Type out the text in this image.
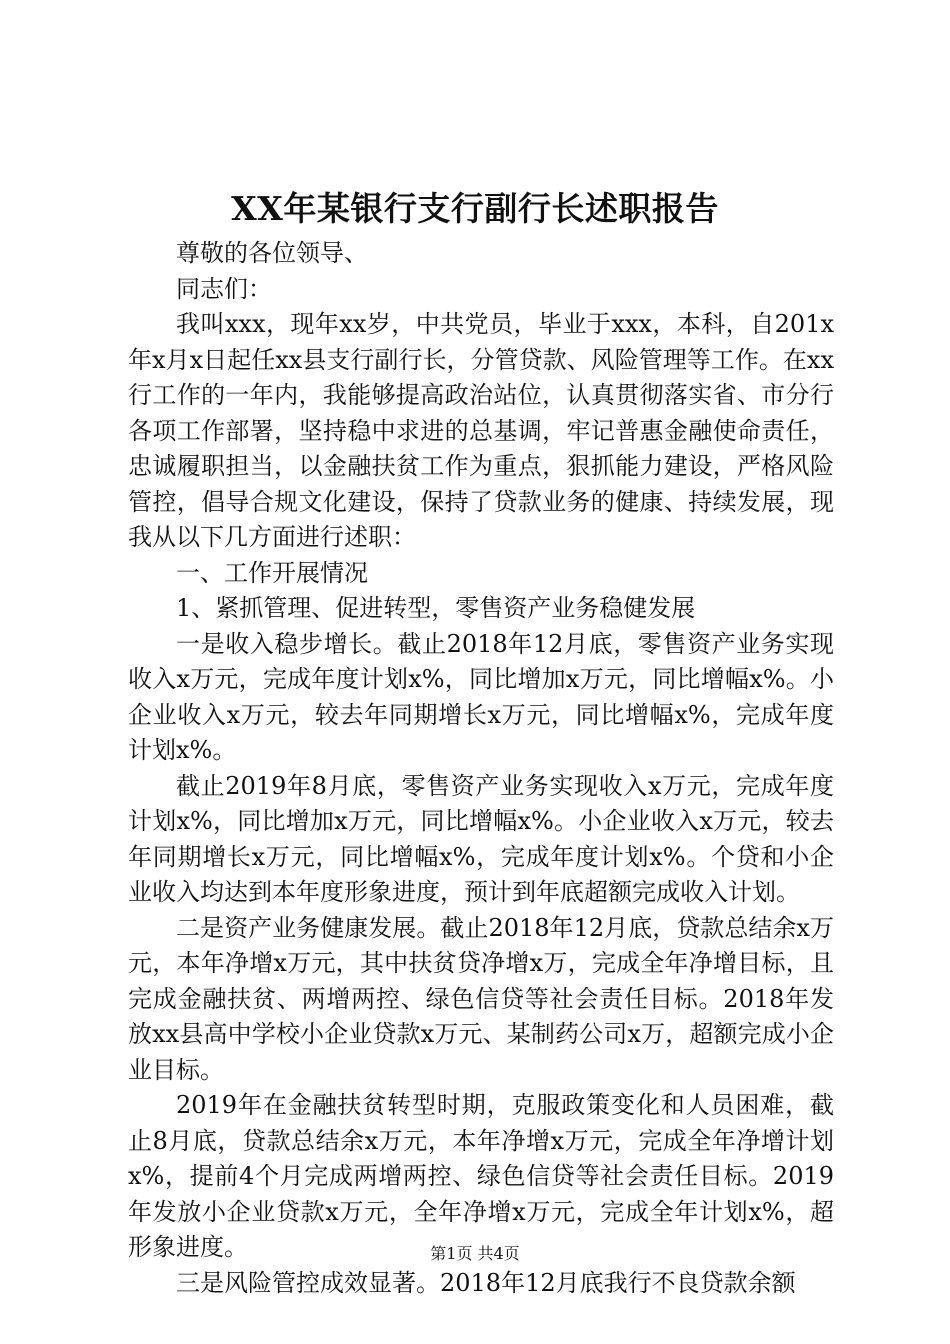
XX年某银行支行副行长述职报告

尊敬的各位领导、

同志们：

我叫xxx，现年xx岁，中共党员，毕业于xxx，本科，自201x年x月x日起任xx县支行副行长，分管贷款、风险管理等工作。在xx行工作的一年内，我能够提高政治站位，认真贯彻落实省、市分行各项工作部署，坚持稳中求进的总基调，牢记普惠金融使命责任，忠诚履职担当，以金融扶贫工作为重点，狠抓能力建设，严格风险管控，倡导合规文化建设，保持了贷款业务的健康、持续发展，现我从以下几方面进行述职：

一、工作开展情况

1、紧抓管理、促进转型，零售资产业务稳健发展

一是收入稳步增长。截止2018年12月底，零售资产业务实现收入x万元，完成年度计划x%，同比增加x万元，同比增幅x%。小企业收入x万元，较去年同期增长x万元，同比增幅x%，完成年度计划x%。

截止2019年8月底，零售资产业务实现收入x万元，完成年度计划x%，同比增加x万元，同比增幅x%。小企业收入x万元，较去年同期增长x万元，同比增幅x%，完成年度计划x%。个贷和小企业收入均达到本年度形象进度，预计到年底超额完成收入计划。

二是资产业务健康发展。截止2018年12月底，贷款总结余x万元，本年净增x万元，其中扶贫贷净增x万，完成全年净增目标，且完成金融扶贫、两增两控、绿色信贷等社会责任目标。2018年发放xx县高中学校小企业贷款x万元、某制药公司x万，超额完成小企业目标。

2019年在金融扶贫转型时期，克服政策变化和人员困难，截止8月底，贷款总结余x万元，本年净增x万元，完成全年净增计划x%，提前4个月完成两增两控、绿色信贷等社会责任目标。2019年发放小企业贷款x万元，全年净增x万元，完成全年计划x%，超形象进度。

三是风险管控成效显著。2018年12月底我行不良贷款余额

第1页 共4页
